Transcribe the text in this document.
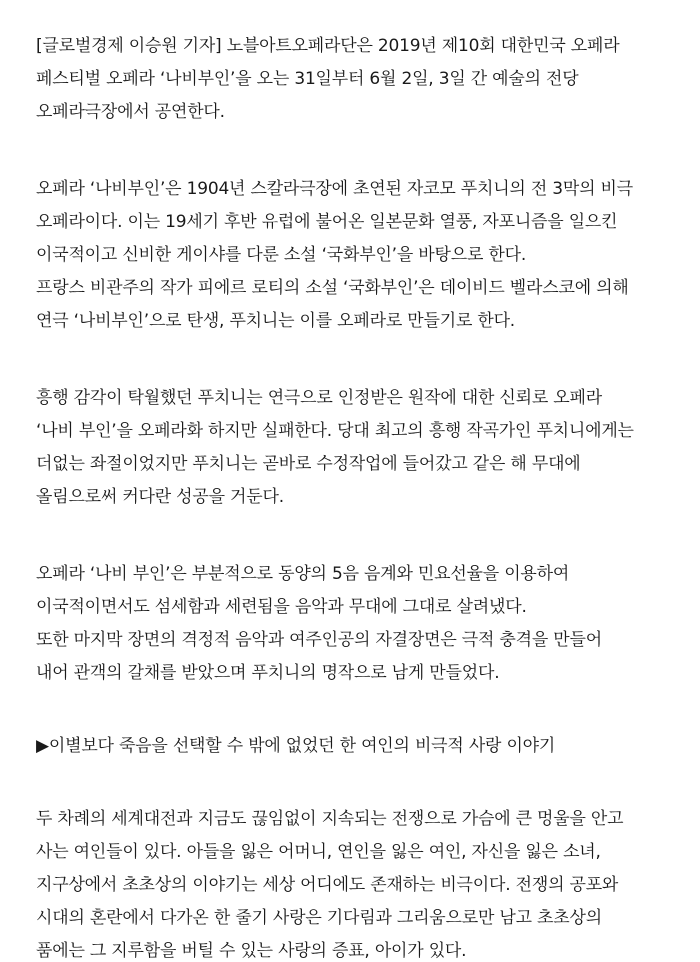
[글로벌경제 이승원 기자] 노블아트오페라단은 2019년 제10회 대한민국 오페라
페스티벌 오페라 ‘나비부인’을 오는 31일부터 6월 2일, 3일 간 예술의 전당
오페라극장에서 공연한다.

오페라 ‘나비부인’은 1904년 스칼라극장에 초연된 자코모 푸치니의 전 3막의 비극
오페라이다. 이는 19세기 후반 유럽에 불어온 일본문화 열풍, 자포니즘을 일으킨
이국적이고 신비한 게이샤를 다룬 소설 ‘국화부인’을 바탕으로 한다.
프랑스 비관주의 작가 피에르 로티의 소설 ‘국화부인’은 데이비드 벨라스코에 의해
연극 ‘나비부인’으로 탄생, 푸치니는 이를 오페라로 만들기로 한다.

흥행 감각이 탁월했던 푸치니는 연극으로 인정받은 원작에 대한 신뢰로 오페라
‘나비 부인’을 오페라화 하지만 실패한다. 당대 최고의 흥행 작곡가인 푸치니에게는
더없는 좌절이었지만 푸치니는 곧바로 수정작업에 들어갔고 같은 해 무대에
올림으로써 커다란 성공을 거둔다.

오페라 ‘나비 부인’은 부분적으로 동양의 5음 음계와 민요선율을 이용하여
이국적이면서도 섬세함과 세련됨을 음악과 무대에 그대로 살려냈다.
또한 마지막 장면의 격정적 음악과 여주인공의 자결장면은 극적 충격을 만들어
내어 관객의 갈채를 받았으며 푸치니의 명작으로 남게 만들었다.

▶이별보다 죽음을 선택할 수 밖에 없었던 한 여인의 비극적 사랑 이야기

두 차례의 세계대전과 지금도 끊임없이 지속되는 전쟁으로 가슴에 큰 멍울을 안고
사는 여인들이 있다. 아들을 잃은 어머니, 연인을 잃은 여인, 자신을 잃은 소녀,
지구상에서 초초상의 이야기는 세상 어디에도 존재하는 비극이다. 전쟁의 공포와
시대의 혼란에서 다가온 한 줄기 사랑은 기다림과 그리움으로만 남고 초초상의
품에는 그 지루함을 버틸 수 있는 사랑의 증표, 아이가 있다.
